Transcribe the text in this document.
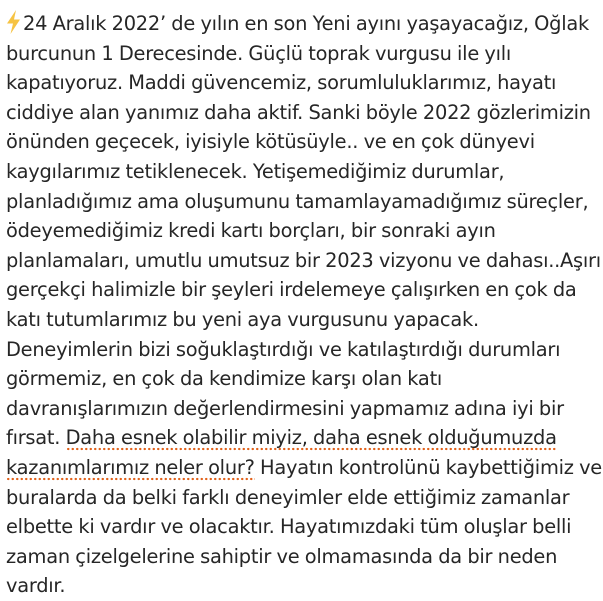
24 Aralık 2022’ de yılın en son Yeni ayını yaşayacağız, Oğlak
burcunun 1 Derecesinde. Güçlü toprak vurgusu ile yılı
kapatıyoruz. Maddi güvencemiz, sorumluluklarımız, hayatı
ciddiye alan yanımız daha aktif. Sanki böyle 2022 gözlerimizin
önünden geçecek, iyisiyle kötüsüyle.. ve en çok dünyevi
kaygılarımız tetiklenecek. Yetişemediğimiz durumlar,
planladığımız ama oluşumunu tamamlayamadığımız süreçler,
ödeyemediğimiz kredi kartı borçları, bir sonraki ayın
planlamaları, umutlu umutsuz bir 2023 vizyonu ve dahası..Aşırı
gerçekçi halimizle bir şeyleri irdelemeye çalışırken en çok da
katı tutumlarımız bu yeni aya vurgusunu yapacak.
Deneyimlerin bizi soğuklaştırdığı ve katılaştırdığı durumları
görmemiz, en çok da kendimize karşı olan katı
davranışlarımızın değerlendirmesini yapmamız adına iyi bir
fırsat. Daha esnek olabilir miyiz, daha esnek olduğumuzda
kazanımlarımız neler olur? Hayatın kontrolünü kaybettiğimiz ve
buralarda da belki farklı deneyimler elde ettiğimiz zamanlar
elbette ki vardır ve olacaktır. Hayatımızdaki tüm oluşlar belli
zaman çizelgelerine sahiptir ve olmamasında da bir neden
vardır.
